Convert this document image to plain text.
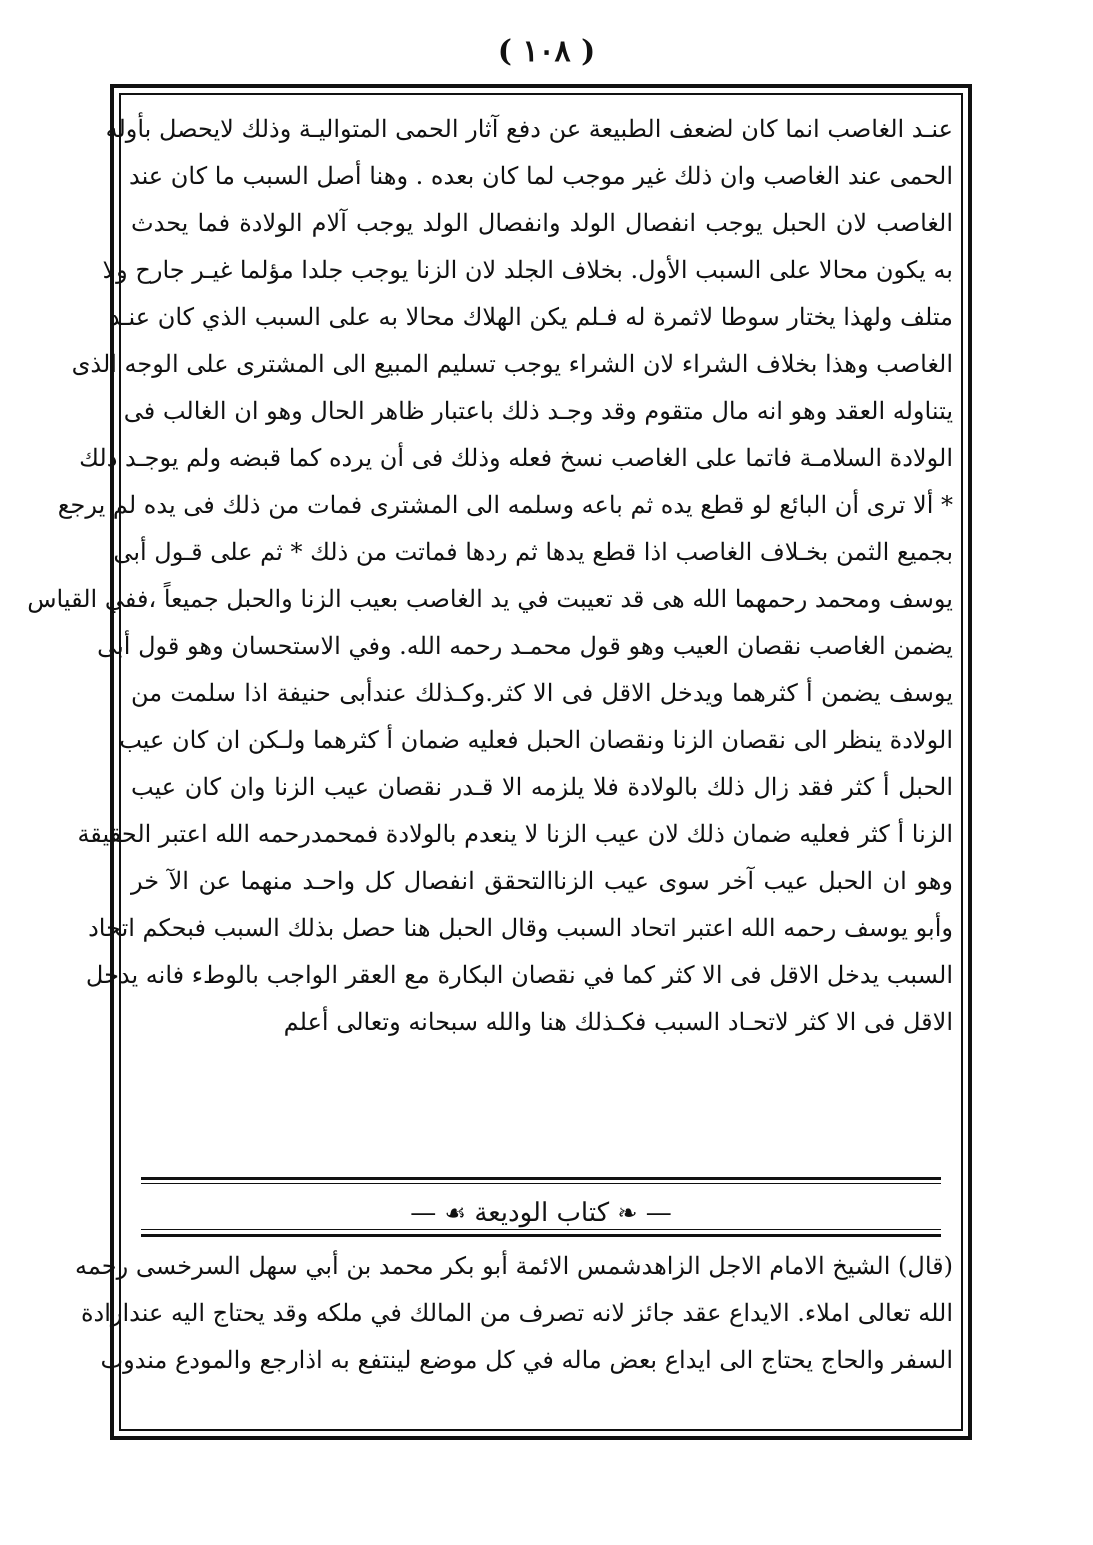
( ١٠٨ )
عنـد الغاصب انما كان لضعف الطبيعة عن دفع آثار الحمى المتواليـة وذلك لايحصل بأوله
الحمى عند الغاصب وان ذلك غير موجب لما كان بعده . وهنا أصل السبب ما كان عند
الغاصب لان الحبل يوجب انفصال الولد وانفصال الولد يوجب آلام الولادة فما يحدث
به يكون محالا على السبب الأول. بخلاف الجلد لان الزنا يوجب جلدا مؤلما غيـر جارح ولا
متلف ولهذا يختار سوطا لاثمرة له فـلم يكن الهلاك محالا به على السبب الذي كان عنـد
الغاصب وهذا بخلاف الشراء لان الشراء يوجب تسليم المبيع الى المشترى على الوجه الذى
يتناوله العقد وهو انه مال متقوم وقد وجـد ذلك باعتبار ظاهر الحال وهو ان الغالب فى
الولادة السلامـة فاتما على الغاصب نسخ فعله وذلك فى أن يرده كما قبضه ولم يوجـد ذلك
* ألا ترى أن البائع لو قطع يده ثم باعه وسلمه الى المشترى فمات من ذلك فى يده لم يرجع
بجميع الثمن بخـلاف الغاصب اذا قطع يدها ثم ردها فماتت من ذلك * ثم على قـول أبى
يوسف ومحمد رحمهما الله هى قد تعيبت في يد الغاصب بعيب الزنا والحبل جميعاً ،ففي القياس
يضمن الغاصب نقصان العيب وهو قول محمـد رحمه الله. وفي الاستحسان وهو قول أبى
يوسف يضمن أ كثرهما ويدخل الاقل فى الا كثر.وكـذلك عندأبى حنيفة اذا سلمت من
الولادة ينظر الى نقصان الزنا ونقصان الحبل فعليه ضمان أ كثرهما ولـكن ان كان عيب
الحبل أ كثر فقد زال ذلك بالولادة فلا يلزمه الا قـدر نقصان عيب الزنا وان كان عيب
الزنا أ كثر فعليه ضمان ذلك لان عيب الزنا لا ينعدم بالولادة فمحمدرحمه الله اعتبر الحقيقة
وهو ان الحبل عيب آخر سوى عيب الزناالتحقق انفصال كل واحـد منهما عن الآ خر
وأبو يوسف رحمه الله اعتبر اتحاد السبب وقال الحبل هنا حصل بذلك السبب فبحكم اتحاد
السبب يدخل الاقل فى الا كثر كما في نقصان البكارة مع العقر الواجب بالوطء فانه يدخل
الاقل فى الا كثر لاتحـاد السبب فكـذلك هنا والله سبحانه وتعالى أعلم
— ❧ كتاب الوديعة ☙ —
(قال) الشيخ الامام الاجل الزاهدشمس الائمة أبو بكر محمد بن أبي سهل السرخسى رحمه
الله تعالى املاء. الايداع عقد جائز لانه تصرف من المالك في ملكه وقد يحتاج اليه عندارادة
السفر والحاج يحتاج الى ايداع بعض ماله في كل موضع لينتفع به اذارجع والمودع مندوب
